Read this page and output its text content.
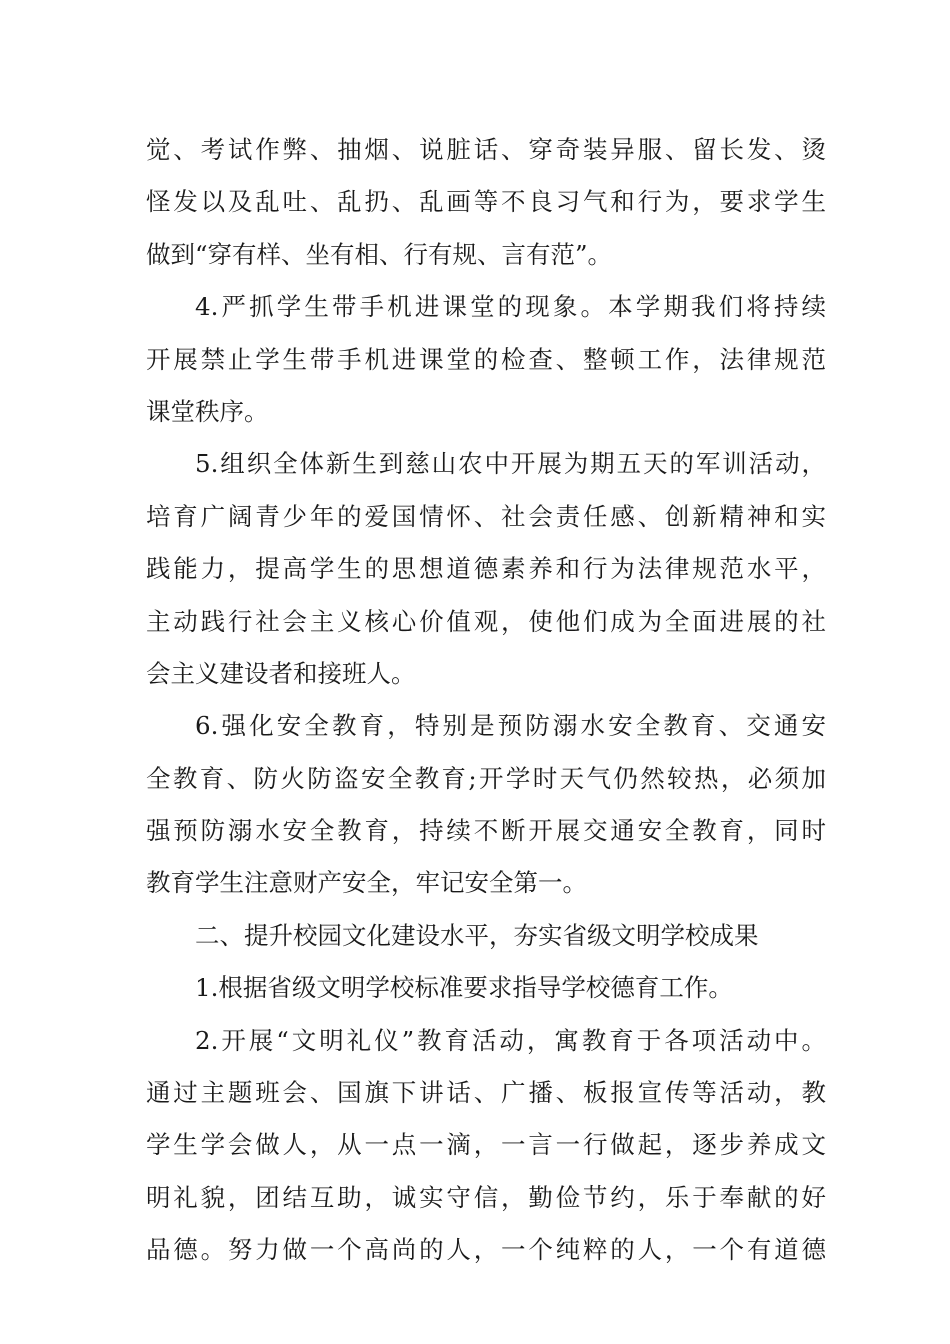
觉、考试作弊、抽烟、说脏话、穿奇装异服、留长发、烫
怪发以及乱吐、乱扔、乱画等不良习气和行为，要求学生
做到“穿有样、坐有相、行有规、言有范”。
4.严抓学生带手机进课堂的现象。本学期我们将持续
开展禁止学生带手机进课堂的检查、整顿工作，法律规范
课堂秩序。
5.组织全体新生到慈山农中开展为期五天的军训活动，
培育广阔青少年的爱国情怀、社会责任感、创新精神和实
践能力，提高学生的思想道德素养和行为法律规范水平，
主动践行社会主义核心价值观，使他们成为全面进展的社
会主义建设者和接班人。
6.强化安全教育，特别是预防溺水安全教育、交通安
全教育、防火防盗安全教育;开学时天气仍然较热，必须加
强预防溺水安全教育，持续不断开展交通安全教育，同时
教育学生注意财产安全，牢记安全第一。
二、提升校园文化建设水平，夯实省级文明学校成果
1.根据省级文明学校标准要求指导学校德育工作。
2.开展“文明礼仪”教育活动，寓教育于各项活动中。
通过主题班会、国旗下讲话、广播、板报宣传等活动，教
学生学会做人，从一点一滴，一言一行做起，逐步养成文
明礼貌，团结互助，诚实守信，勤俭节约，乐于奉献的好
品德。努力做一个高尚的人，一个纯粹的人，一个有道德
